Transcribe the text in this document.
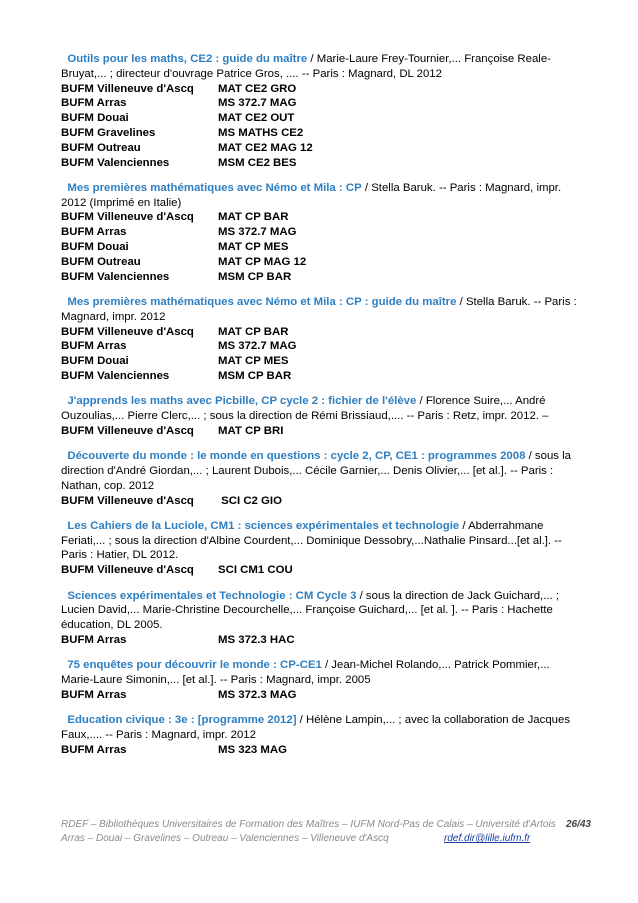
Outils pour les maths, CE2 : guide du maître / Marie-Laure Frey-Tournier,... Françoise Reale-Bruyat,... ; directeur d'ouvrage Patrice Gros, .... -- Paris : Magnard, DL 2012

BUFM Villeneuve d'Ascq	MAT CE2 GRO
BUFM Arras	MS 372.7 MAG
BUFM Douai	MAT CE2 OUT
BUFM Gravelines	MS MATHS CE2
BUFM Outreau	MAT CE2 MAG 12
BUFM Valenciennes	MSM CE2 BES

Mes premières mathématiques avec Némo et Mila : CP / Stella Baruk. -- Paris : Magnard, impr. 2012 (Imprimé en Italie)

BUFM Villeneuve d'Ascq	MAT CP BAR
BUFM Arras	MS 372.7 MAG
BUFM Douai	MAT CP MES
BUFM Outreau	MAT CP MAG 12
BUFM Valenciennes	MSM CP BAR

Mes premières mathématiques avec Némo et Mila : CP : guide du maître / Stella Baruk. -- Paris : Magnard, impr. 2012

BUFM Villeneuve d'Ascq	MAT CP BAR
BUFM Arras	MS 372.7 MAG
BUFM Douai	MAT CP MES
BUFM Valenciennes	MSM CP BAR

J'apprends les maths avec Picbille, CP cycle 2 : fichier de l'élève / Florence Suire,... André Ouzoulias,... Pierre Clerc,... ; sous la direction de Rémi Brissiaud,.... -- Paris : Retz, impr. 2012. –

BUFM Villeneuve d'Ascq	MAT CP BRI

Découverte du monde : le monde en questions : cycle 2, CP, CE1 : programmes 2008 / sous la direction d'André Giordan,... ; Laurent Dubois,... Cécile Garnier,... Denis Olivier,... [et al.]. -- Paris : Nathan, cop. 2012

BUFM Villeneuve d'Ascq	SCI C2 GIO

Les Cahiers de la Luciole, CM1 : sciences expérimentales et technologie / Abderrahmane Feriati,... ; sous la direction d'Albine Courdent,... Dominique Dessobry,...Nathalie Pinsard...[et al.]. -- Paris : Hatier, DL 2012.

BUFM Villeneuve d'Ascq	SCI CM1 COU

Sciences expérimentales et Technologie : CM Cycle 3 / sous la direction de Jack Guichard,... ; Lucien David,... Marie-Christine Decourchelle,... Françoise Guichard,... [et al. ]. -- Paris : Hachette éducation, DL 2005.

BUFM Arras	MS 372.3 HAC

75 enquêtes pour découvrir le monde : CP-CE1 / Jean-Michel Rolando,... Patrick Pommier,... Marie-Laure Simonin,... [et al.]. -- Paris : Magnard, impr. 2005

BUFM Arras	MS 372.3 MAG

Education civique : 3e : [programme 2012] / Hélène Lampin,... ; avec la collaboration de Jacques Faux,.... -- Paris : Magnard, impr. 2012

BUFM Arras	MS 323 MAG
RDEF – Bibliothèques Universitaires de Formation des Maîtres – IUFM Nord-Pas de Calais – Université d'Artois 26/43
Arras – Douai – Gravelines – Outreau – Valenciennes – Villeneuve d'Ascq	rdef.dir@lille.iufm.fr
